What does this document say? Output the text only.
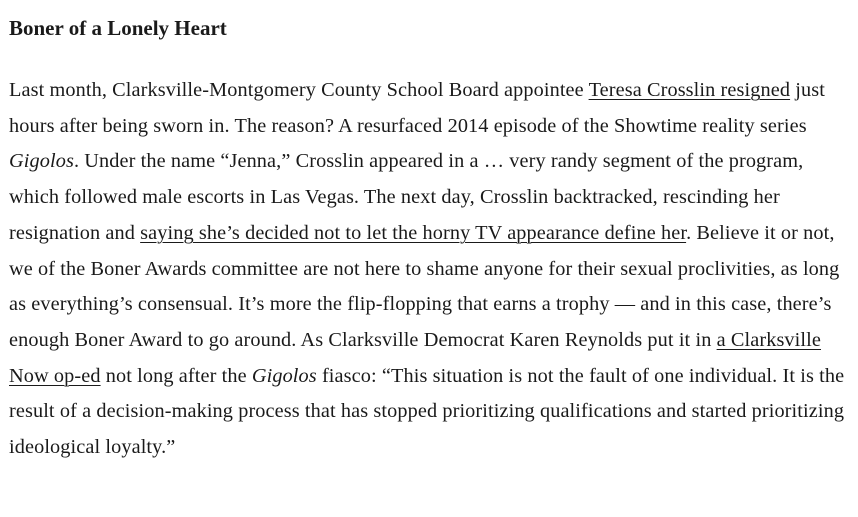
Boner of a Lonely Heart

Last month, Clarksville-Montgomery County School Board appointee Teresa Crosslin resigned just hours after being sworn in. The reason? A resurfaced 2014 episode of the Showtime reality series Gigolos. Under the name “Jenna,” Crosslin appeared in a … very randy segment of the program, which followed male escorts in Las Vegas. The next day, Crosslin backtracked, rescinding her resignation and saying she’s decided not to let the horny TV appearance define her. Believe it or not, we of the Boner Awards committee are not here to shame anyone for their sexual proclivities, as long as everything’s consensual. It’s more the flip-flopping that earns a trophy — and in this case, there’s enough Boner Award to go around. As Clarksville Democrat Karen Reynolds put it in a Clarksville Now op-ed not long after the Gigolos fiasco: “This situation is not the fault of one individual. It is the result of a decision-making process that has stopped prioritizing qualifications and started prioritizing ideological loyalty.”
